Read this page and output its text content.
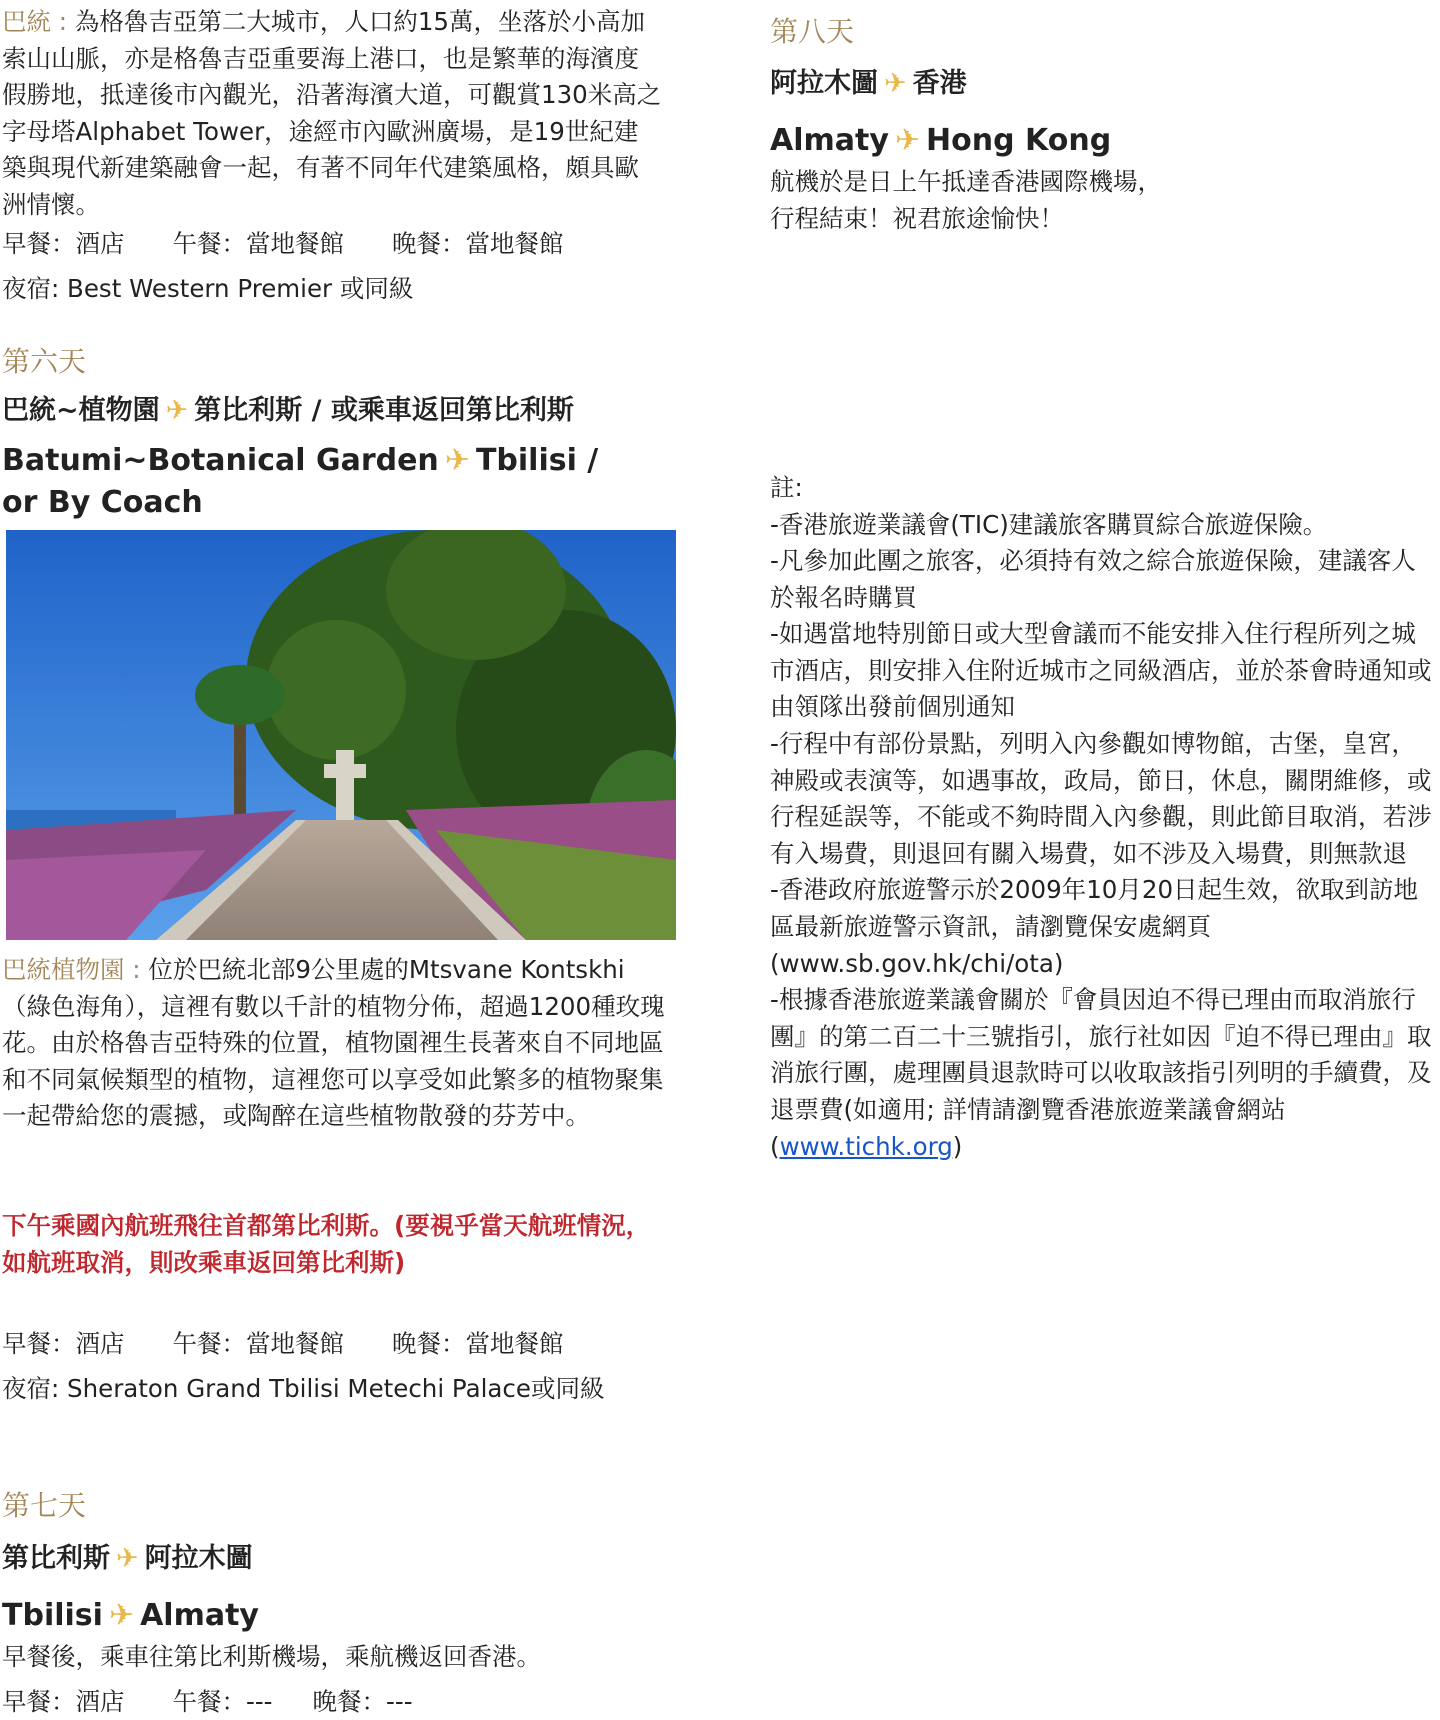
巴統 : 為格魯吉亞第二大城市，人口約15萬，坐落於小高加索山山脈，亦是格魯吉亞重要海上港口，也是繁華的海濱度假勝地，抵達後市內觀光，沿著海濱大道，可觀賞130米高之字母塔Alphabet Tower，途經市內歐洲廣場，是19世紀建築與現代新建築融會一起，有著不同年代建築風格，頗具歐洲情懷。

早餐：酒店 午餐：當地餐館 晚餐：當地餐館

夜宿: Best Western Premier 或同級

第六天

巴統~植物園 ✈ 第比利斯 / 或乘車返回第比利斯

Batumi~Botanical Garden ✈ Tbilisi /

or By Coach

巴統植物園 : 位於巴統北部9公里處的Mtsvane Kontskhi（綠色海角），這裡有數以千計的植物分佈，超過1200種玫瑰花。由於格魯吉亞特殊的位置，植物園裡生長著來自不同地區和不同氣候類型的植物，這裡您可以享受如此繁多的植物聚集一起帶給您的震撼，或陶醉在這些植物散發的芬芳中。

下午乘國內航班飛往首都第比利斯。(要視乎當天航班情況，如航班取消，則改乘車返回第比利斯)

早餐：酒店 午餐：當地餐館 晚餐：當地餐館

夜宿: Sheraton Grand Tbilisi Metechi Palace或同級

第七天

第比利斯 ✈ 阿拉木圖

Tbilisi ✈ Almaty

早餐後，乘車往第比利斯機場，乘航機返回香港。

早餐：酒店 午餐：--- 晚餐：---

第八天

阿拉木圖 ✈ 香港

Almaty ✈ Hong Kong

航機於是日上午抵達香港國際機場，
行程結束！祝君旅途愉快！

註:

-香港旅遊業議會(TIC)建議旅客購買綜合旅遊保險。
-凡參加此團之旅客，必須持有效之綜合旅遊保險，建議客人於報名時購買
-如遇當地特別節日或大型會議而不能安排入住行程所列之城市酒店，則安排入住附近城市之同級酒店，並於茶會時通知或由領隊出發前個別通知
-行程中有部份景點，列明入內參觀如博物館，古堡，皇宮，神殿或表演等，如遇事故，政局，節日，休息，關閉維修，或行程延誤等，不能或不夠時間入內參觀，則此節目取消，若涉有入場費，則退回有關入場費，如不涉及入場費，則無款退
-香港政府旅遊警示於2009年10月20日起生效，欲取到訪地區最新旅遊警示資訊，請瀏覽保安處網頁(www.sb.gov.hk/chi/ota)
-根據香港旅遊業議會關於『會員因迫不得已理由而取消旅行團』的第二百二十三號指引，旅行社如因『迫不得已理由』取消旅行團，處理團員退款時可以收取該指引列明的手續費，及退票費(如適用; 詳情請瀏覽香港旅遊業議會網站(www.tichk.org)
